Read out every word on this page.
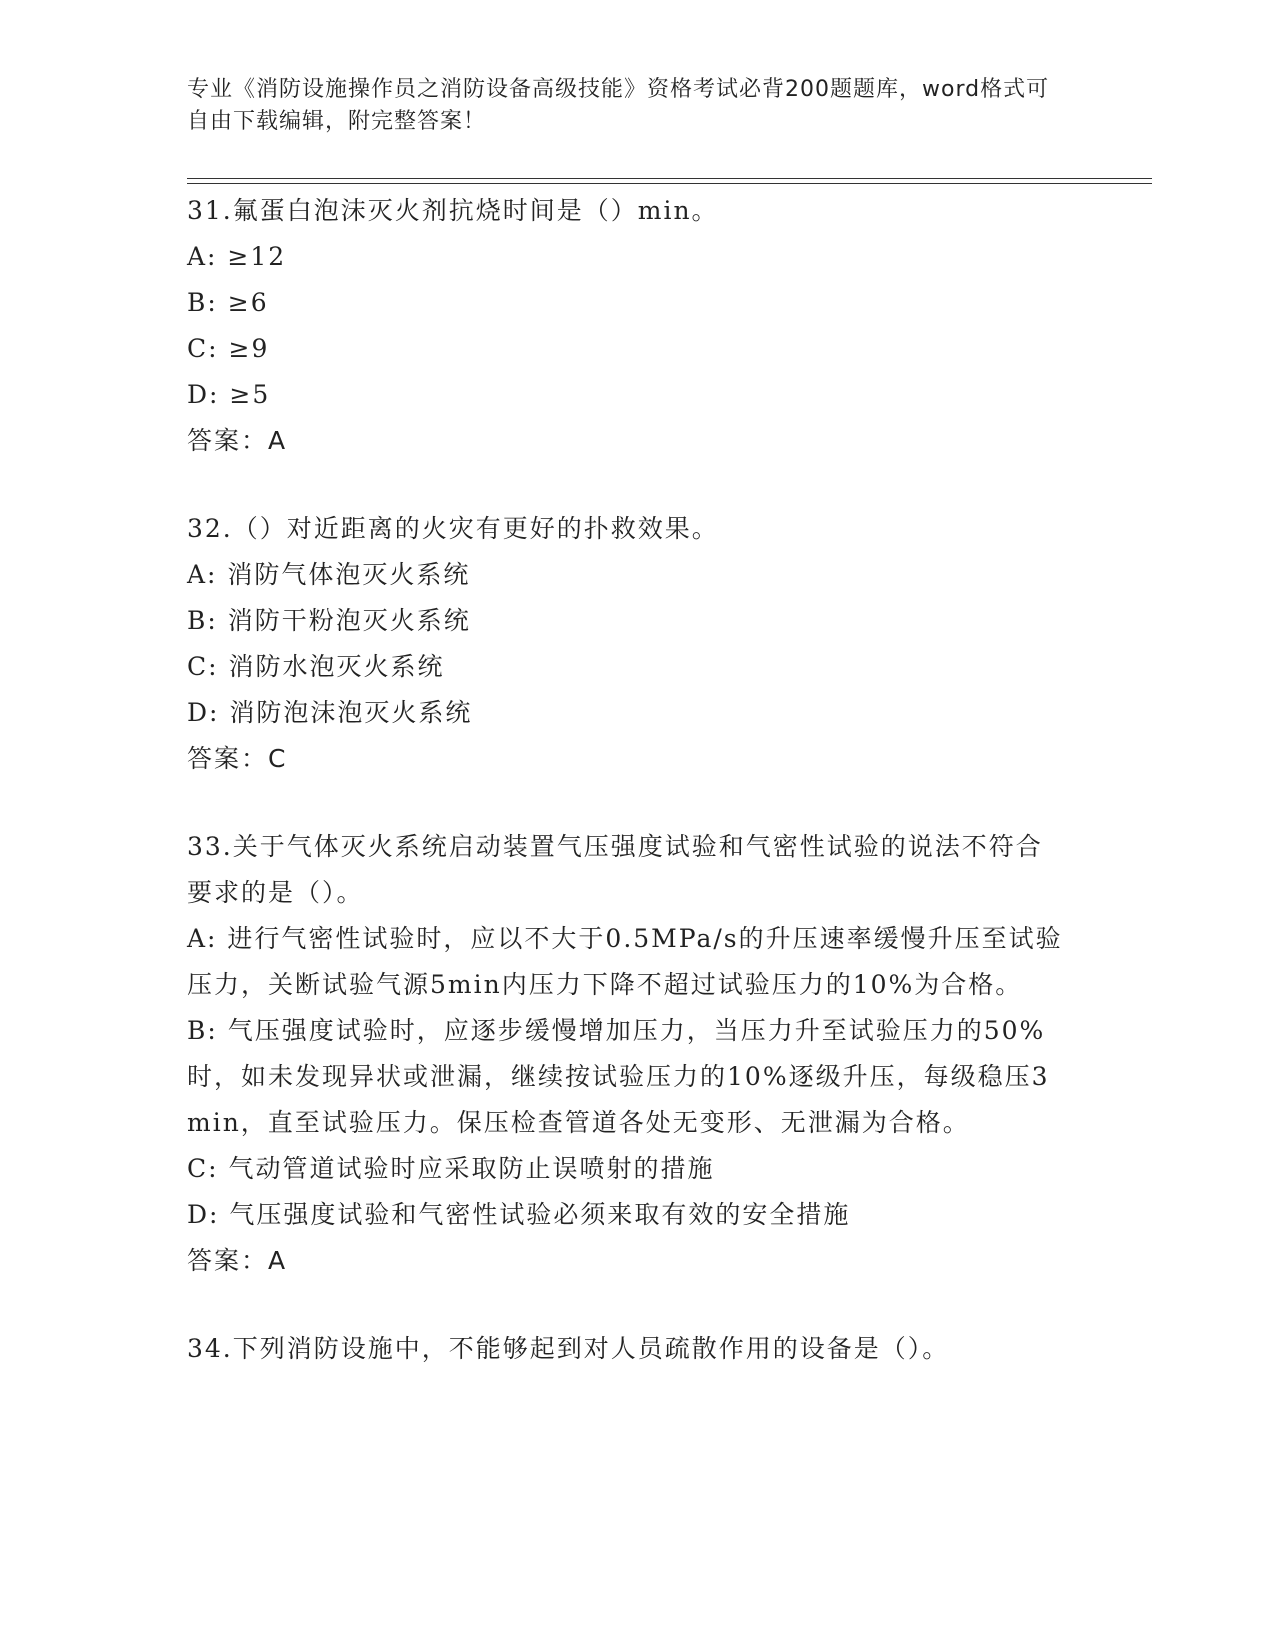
专业《消防设施操作员之消防设备高级技能》资格考试必背200题题库，word格式可自由下载编辑，附完整答案！
31.氟蛋白泡沫灭火剂抗烧时间是（）min。
A: ≥12
B: ≥6
C: ≥9
D: ≥5
答案：A
32.（）对近距离的火灾有更好的扑救效果。
A: 消防气体泡灭火系统
B: 消防干粉泡灭火系统
C: 消防水泡灭火系统
D: 消防泡沫泡灭火系统
答案：C
33.关于气体灭火系统启动装置气压强度试验和气密性试验的说法不符合要求的是（）。
A: 进行气密性试验时，应以不大于0.5MPa/s的升压速率缓慢升压至试验压力，关断试验气源5min内压力下降不超过试验压力的10%为合格。
B: 气压强度试验时，应逐步缓慢增加压力，当压力升至试验压力的50%时，如未发现异状或泄漏，继续按试验压力的10%逐级升压，每级稳压3min，直至试验压力。保压检查管道各处无变形、无泄漏为合格。
C: 气动管道试验时应采取防止误喷射的措施
D: 气压强度试验和气密性试验必须来取有效的安全措施
答案：A
34.下列消防设施中，不能够起到对人员疏散作用的设备是（）。
